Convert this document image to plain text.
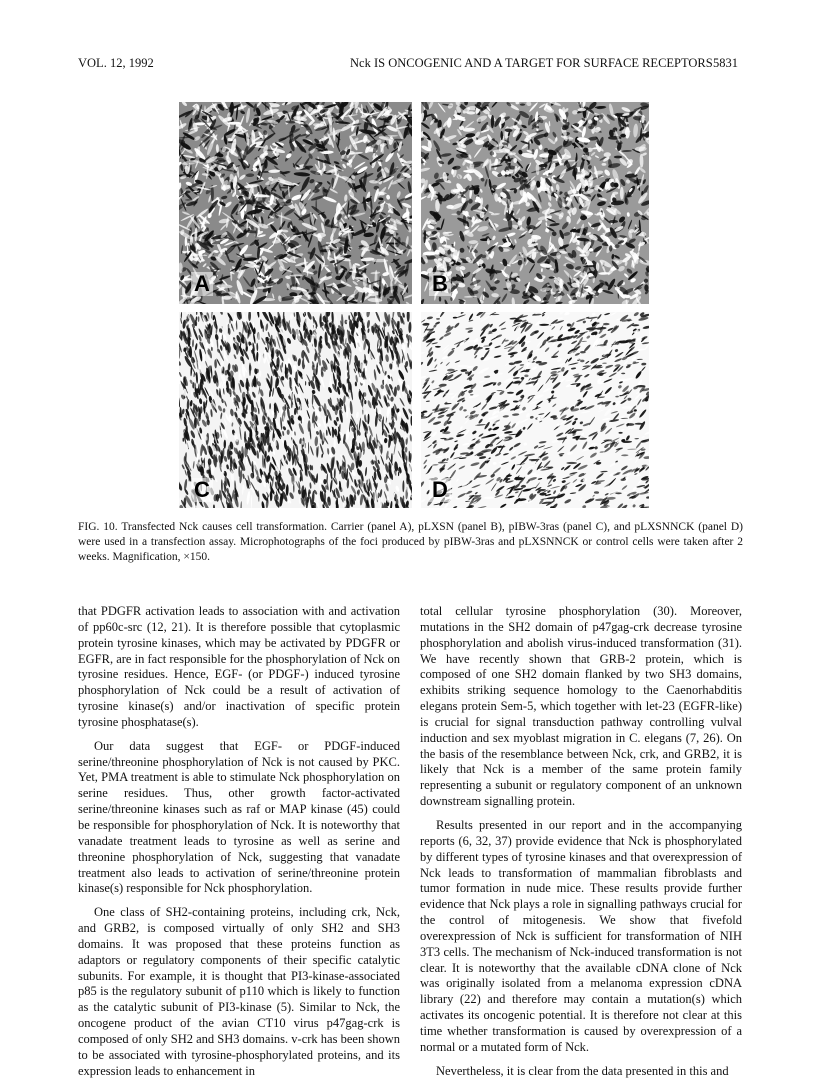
VOL. 12, 1992	Nck IS ONCOGENIC AND A TARGET FOR SURFACE RECEPTORS 5831
A	B
C	D
FIG. 10. Transfected Nck causes cell transformation. Carrier (panel A), pLXSN (panel B), pIBW-3ras (panel C), and pLXSNNCK (panel D) were used in a transfection assay. Microphotographs of the foci produced by pIBW-3ras and pLXSNNCK or control cells were taken after 2 weeks. Magnification, ×150.

that PDGFR activation leads to association with and activation of pp60c-src (12, 21). It is therefore possible that cytoplasmic protein tyrosine kinases, which may be activated by PDGFR or EGFR, are in fact responsible for the phosphorylation of Nck on tyrosine residues. Hence, EGF- (or PDGF-) induced tyrosine phosphorylation of Nck could be a result of activation of tyrosine kinase(s) and/or inactivation of specific protein tyrosine phosphatase(s).

Our data suggest that EGF- or PDGF-induced serine/threonine phosphorylation of Nck is not caused by PKC. Yet, PMA treatment is able to stimulate Nck phosphorylation on serine residues. Thus, other growth factor-activated serine/threonine kinases such as raf or MAP kinase (45) could be responsible for phosphorylation of Nck. It is noteworthy that vanadate treatment leads to tyrosine as well as serine and threonine phosphorylation of Nck, suggesting that vanadate treatment also leads to activation of serine/threonine protein kinase(s) responsible for Nck phosphorylation.

One class of SH2-containing proteins, including crk, Nck, and GRB2, is composed virtually of only SH2 and SH3 domains. It was proposed that these proteins function as adaptors or regulatory components of their specific catalytic subunits. For example, it is thought that PI3-kinase-associated p85 is the regulatory subunit of p110 which is likely to function as the catalytic subunit of PI3-kinase (5). Similar to Nck, the oncogene product of the avian CT10 virus p47gag-crk is composed of only SH2 and SH3 domains. v-crk has been shown to be associated with tyrosine-phosphorylated proteins, and its expression leads to enhancement in

total cellular tyrosine phosphorylation (30). Moreover, mutations in the SH2 domain of p47gag-crk decrease tyrosine phosphorylation and abolish virus-induced transformation (31). We have recently shown that GRB-2 protein, which is composed of one SH2 domain flanked by two SH3 domains, exhibits striking sequence homology to the Caenorhabditis elegans protein Sem-5, which together with let-23 (EGFR-like) is crucial for signal transduction pathway controlling vulval induction and sex myoblast migration in C. elegans (7, 26). On the basis of the resemblance between Nck, crk, and GRB2, it is likely that Nck is a member of the same protein family representing a subunit or regulatory component of an unknown downstream signalling protein.

Results presented in our report and in the accompanying reports (6, 32, 37) provide evidence that Nck is phosphorylated by different types of tyrosine kinases and that overexpression of Nck leads to transformation of mammalian fibroblasts and tumor formation in nude mice. These results provide further evidence that Nck plays a role in signalling pathways crucial for the control of mitogenesis. We show that fivefold overexpression of Nck is sufficient for transformation of NIH 3T3 cells. The mechanism of Nck-induced transformation is not clear. It is noteworthy that the available cDNA clone of Nck was originally isolated from a melanoma expression cDNA library (22) and therefore may contain a mutation(s) which activates its oncogenic potential. It is therefore not clear at this time whether transformation is caused by overexpression of a normal or a mutated form of Nck.

Nevertheless, it is clear from the data presented in this and
